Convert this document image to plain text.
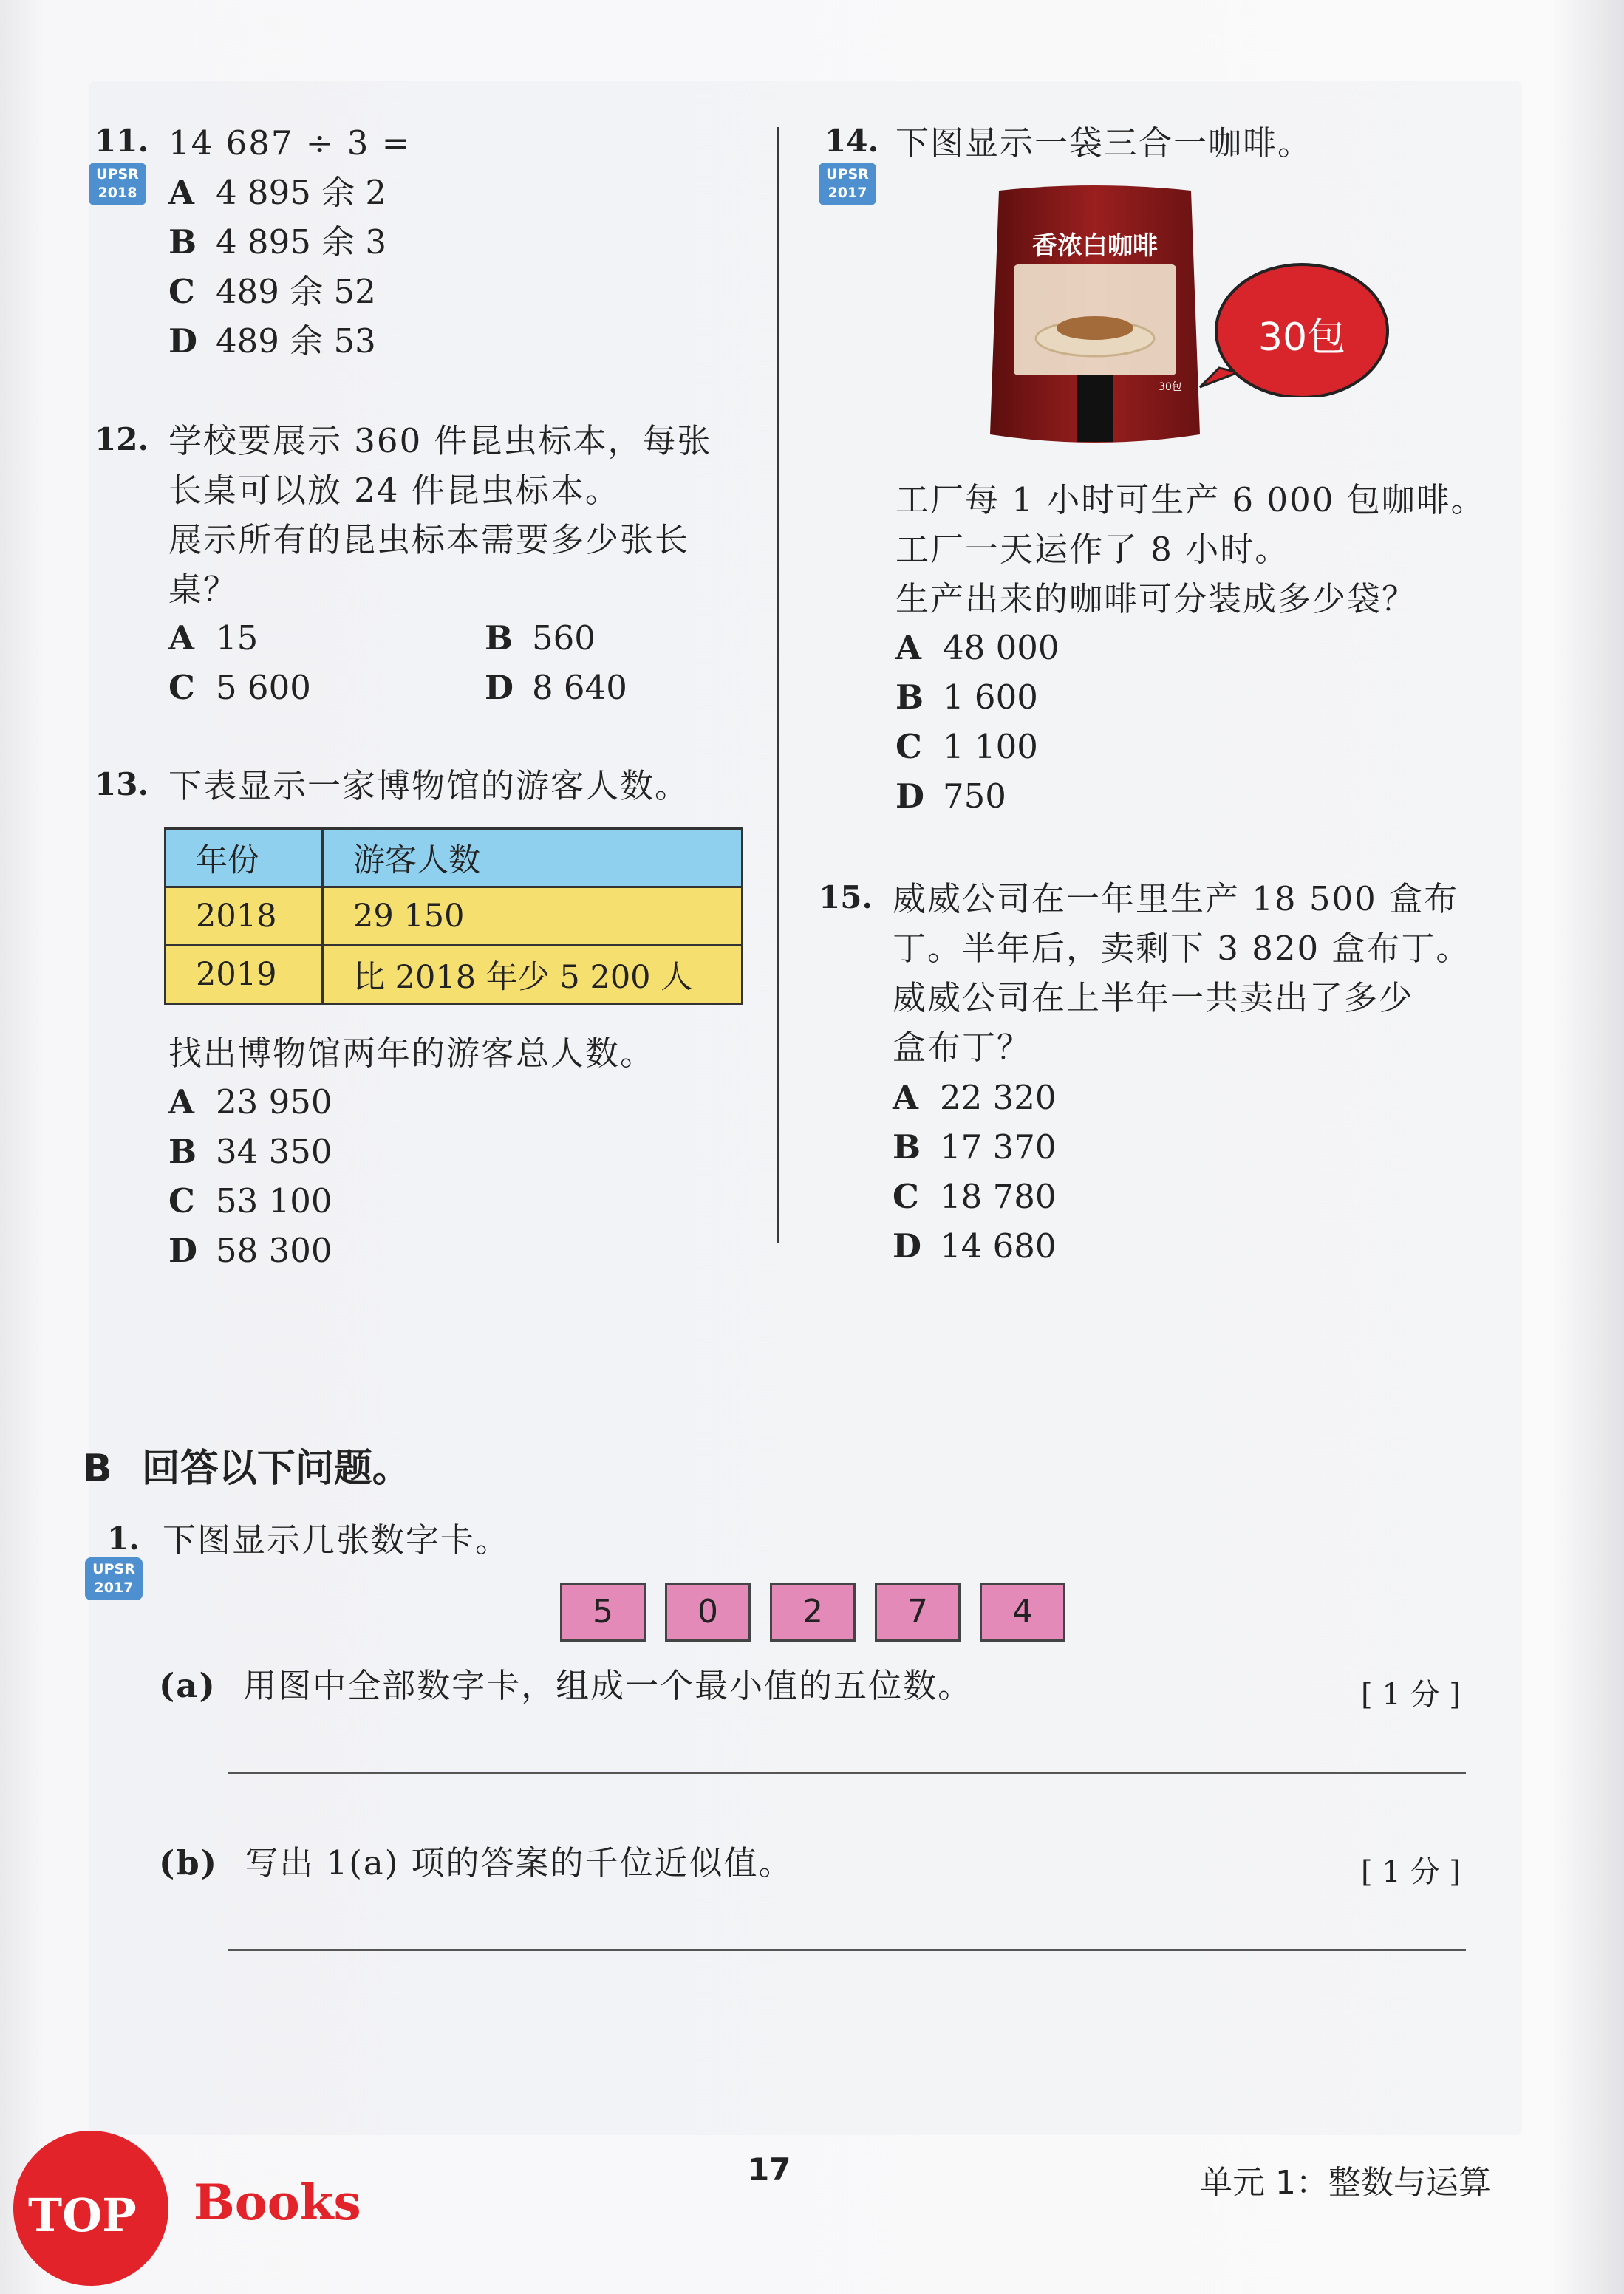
11.
UPSR
2018
14 687 ÷ 3 =
A 4 895 余 2
B 4 895 余 3
C 489 余 52
D 489 余 53
12. 学校要展示 360 件昆虫标本，每张
长桌可以放 24 件昆虫标本。
展示所有的昆虫标本需要多少张长
桌？
A 15	B 560
C 5 600	D 8 640
13. 下表显示一家博物馆的游客人数。
年份	游客人数
2018	29 150
2019	比 2018 年少 5 200 人
找出博物馆两年的游客总人数。
A 23 950
B 34 350
C 53 100
D 58 300
14.
UPSR
2017
下图显示一袋三合一咖啡。
香浓白咖啡
30包
30包
工厂每 1 小时可生产 6 000 包咖啡。
工厂一天运作了 8 小时。
生产出来的咖啡可分装成多少袋？
A 48 000
B 1 600
C 1 100
D 750
15. 威威公司在一年里生产 18 500 盒布
丁。半年后，卖剩下 3 820 盒布丁。
威威公司在上半年一共卖出了多少
盒布丁？
A 22 320
B 17 370
C 18 780
D 14 680
B 回答以下问题。
1.
UPSR
2017
下图显示几张数字卡。
5	0	2	7	4
(a) 用图中全部数字卡，组成一个最小值的五位数。	[ 1 分 ]
(b) 写出 1(a) 项的答案的千位近似值。	[ 1 分 ]
17	单元 1：整数与运算
TOP Books
